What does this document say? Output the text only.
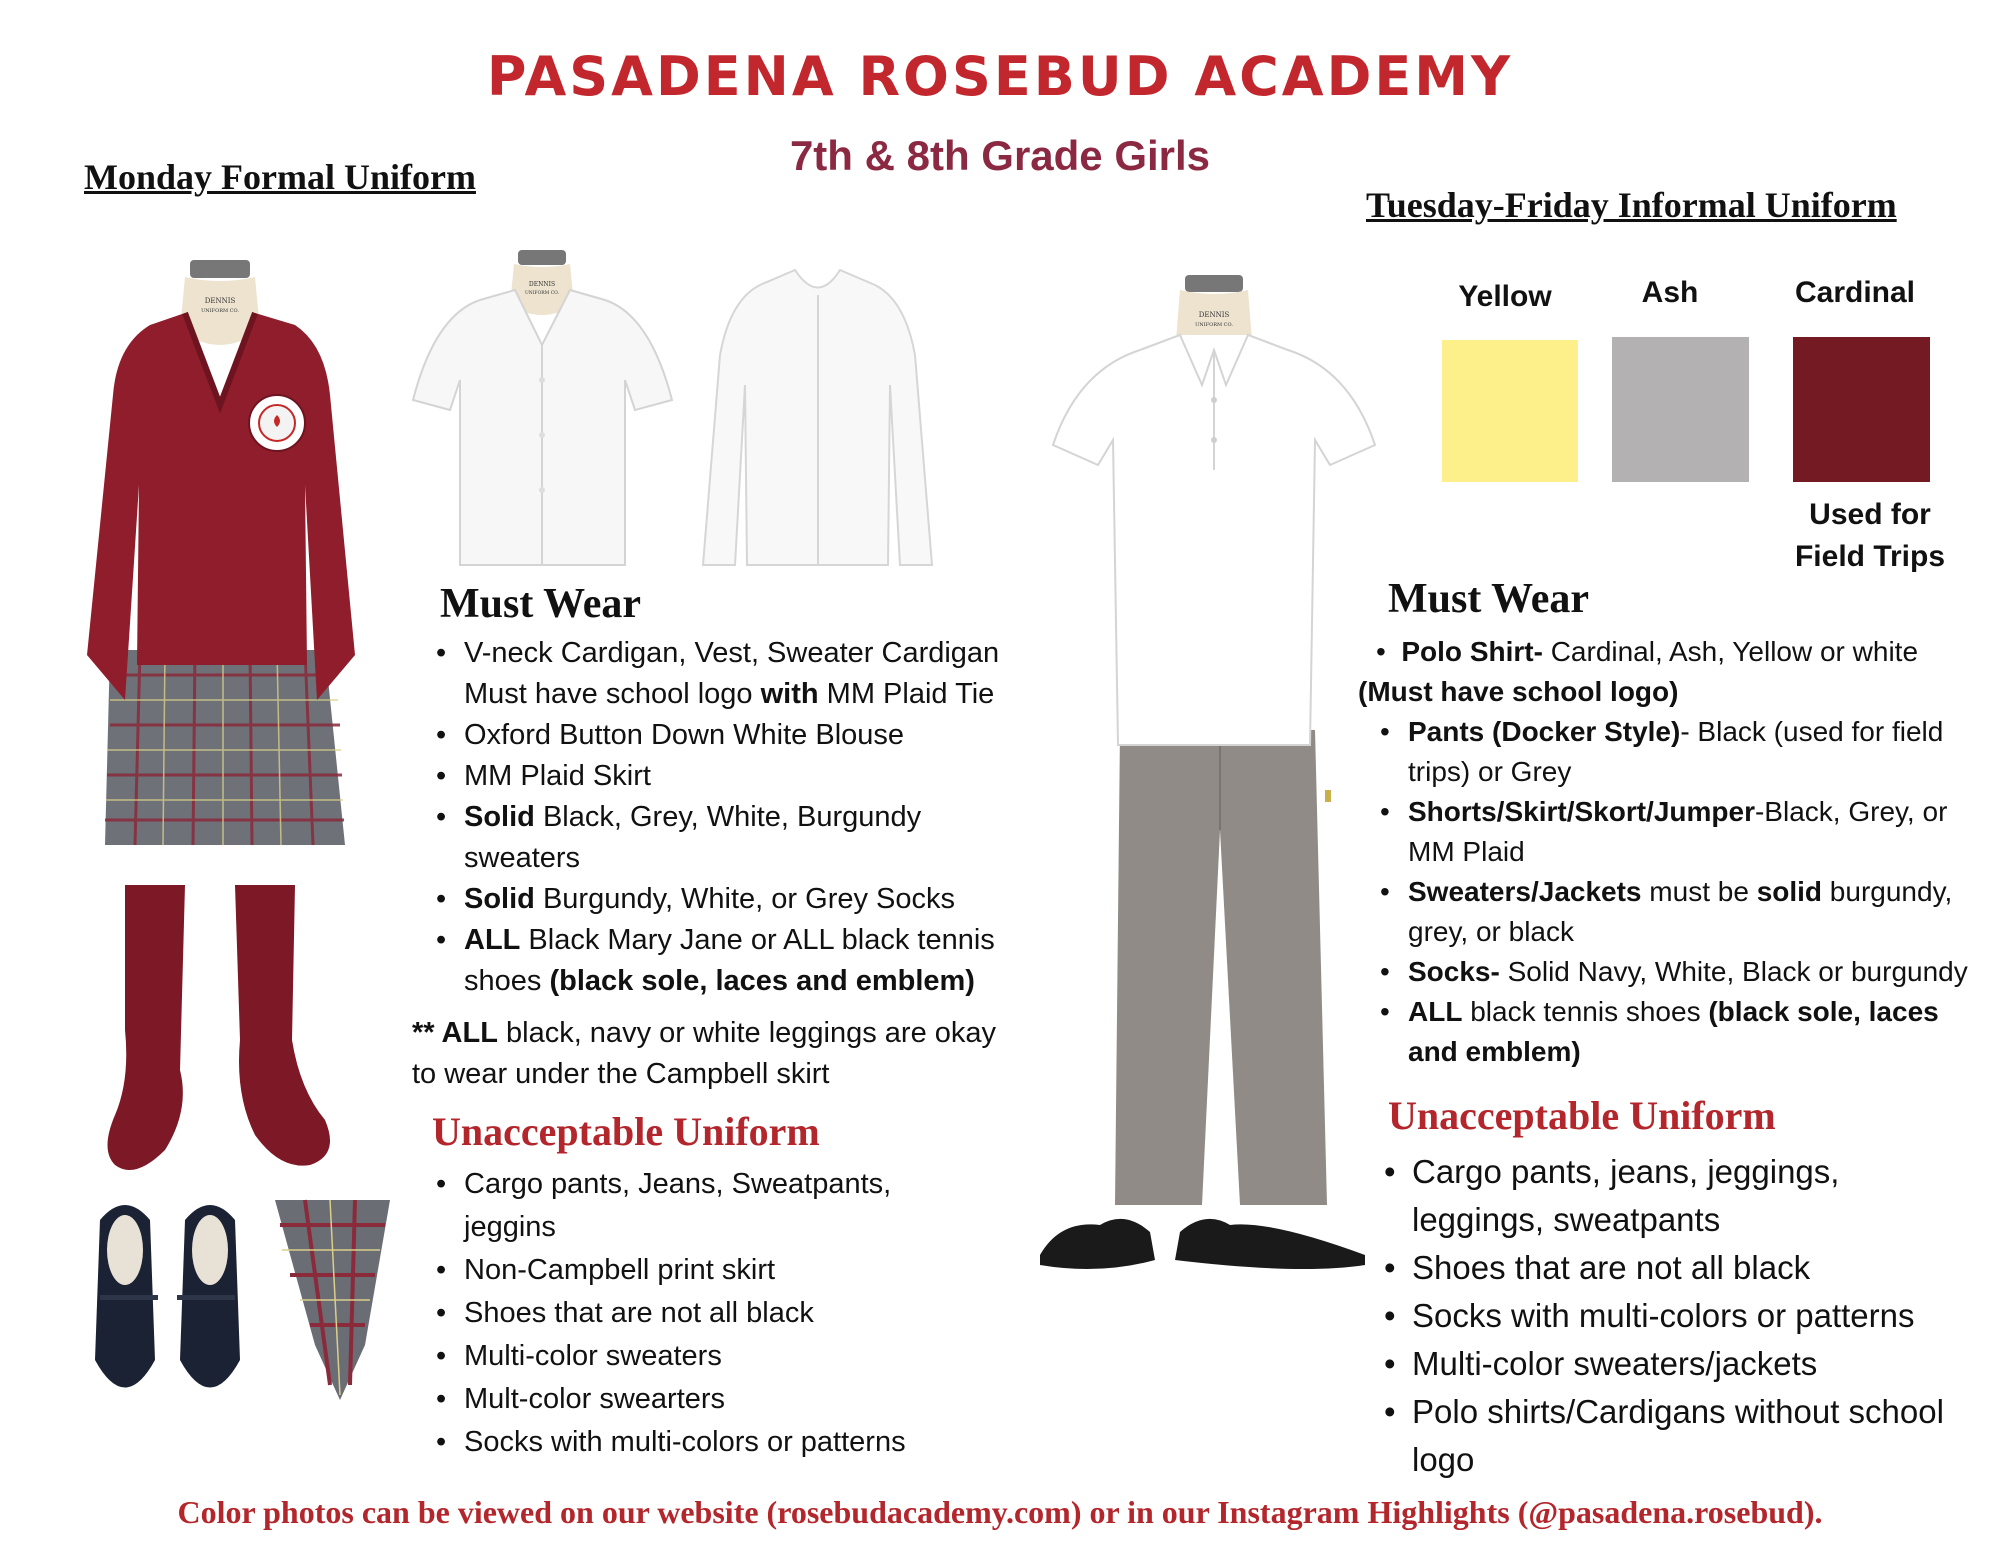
PASADENA ROSEBUD ACADEMY
7th & 8th Grade Girls
Monday Formal Uniform
Tuesday-Friday Informal Uniform
DENNIS
UNIFORM CO.
DENNIS
UNIFORM CO.
DENNIS
UNIFORM CO.
Must Wear
• V-neck Cardigan, Vest, Sweater Cardigan
Must have school logo with MM Plaid Tie
• Oxford Button Down White Blouse
• MM Plaid Skirt
• Solid Black, Grey, White, Burgundy
sweaters
• Solid Burgundy, White, or Grey Socks
• ALL Black Mary Jane or ALL black tennis
shoes (black sole, laces and emblem)
** ALL black, navy or white leggings are okay
to wear under the Campbell skirt
Unacceptable Uniform
• Cargo pants, Jeans, Sweatpants,
jeggins
• Non-Campbell print skirt
• Shoes that are not all black
• Multi-color sweaters
• Mult-color swearters
• Socks with multi-colors or patterns
Yellow	Ash	Cardinal
Used for
Field Trips
Must Wear
•  Polo Shirt- Cardinal, Ash, Yellow or white
(Must have school logo)
• Pants (Docker Style)- Black (used for field
trips) or Grey
• Shorts/Skirt/Skort/Jumper-Black, Grey, or
MM Plaid
• Sweaters/Jackets must be solid burgundy,
grey, or black
• Socks- Solid Navy, White, Black or burgundy
• ALL black tennis shoes (black sole, laces
and emblem)
Unacceptable Uniform
• Cargo pants, jeans, jeggings,
leggings, sweatpants
• Shoes that are not all black
• Socks with multi-colors or patterns
• Multi-color sweaters/jackets
• Polo shirts/Cardigans without school
logo
Color photos can be viewed on our website (rosebudacademy.com) or in our Instagram Highlights (@pasadena.rosebud).
